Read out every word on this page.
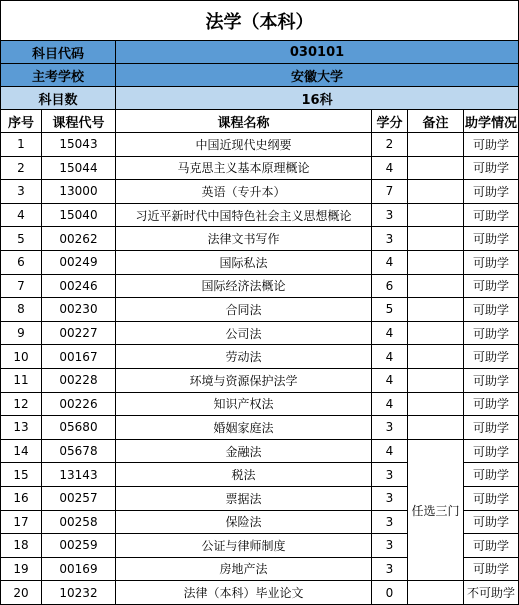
法学（本科）					
科目代码		030101			
主考学校		安徽大学			
科目数		16科			
序号	课程代号	课程名称	学分	备注	助学情况
1	15043	中国近现代史纲要	2		可助学
2	15044	马克思主义基本原理概论	4		可助学
3	13000	英语（专升本）	7		可助学
4	15040	习近平新时代中国特色社会主义思想概论	3		可助学
5	00262	法律文书写作	3		可助学
6	00249	国际私法	4		可助学
7	00246	国际经济法概论	6		可助学
8	00230	合同法	5		可助学
9	00227	公司法	4		可助学
10	00167	劳动法	4		可助学
11	00228	环境与资源保护法学	4		可助学
12	00226	知识产权法	4		可助学
13	05680	婚姻家庭法	3		可助学
14	05678	金融法	4	任选三门	可助学
15	13143	税法	3		可助学
16	00257	票据法	3		可助学
17	00258	保险法	3		可助学
18	00259	公证与律师制度	3		可助学
19	00169	房地产法	3		可助学
20	10232	法律（本科）毕业论文	0		不可助学
